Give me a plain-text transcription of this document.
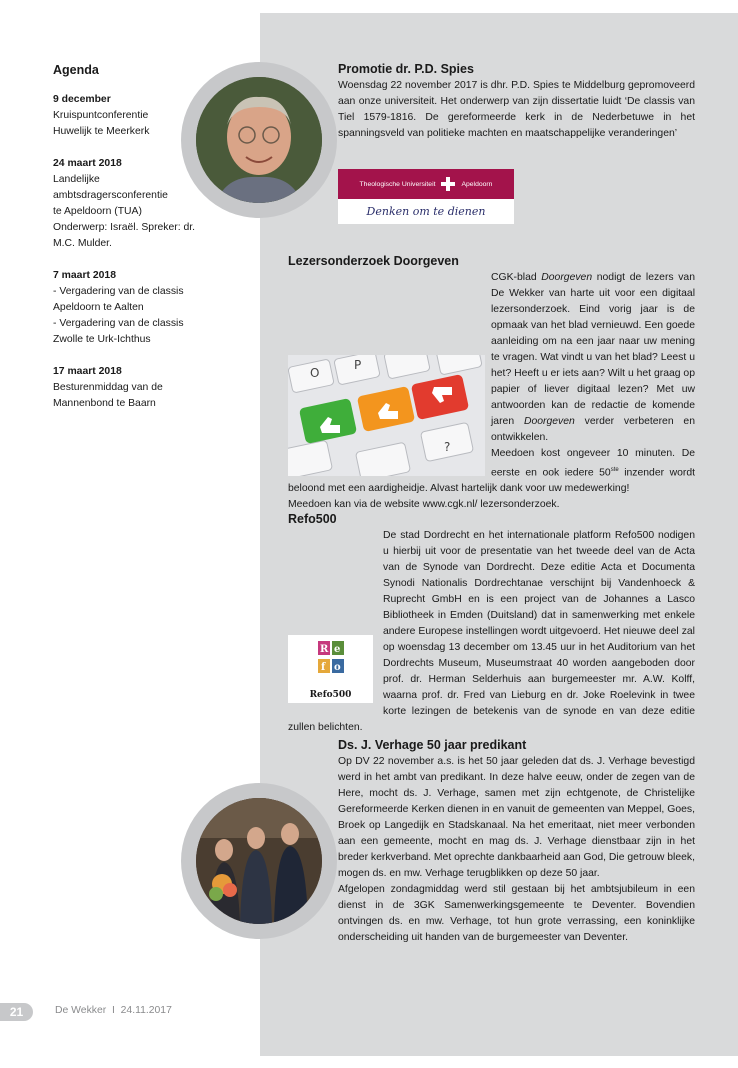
Agenda
9 december
Kruispuntconferentie
Huwelijk te Meerkerk
24 maart 2018
Landelijke
ambtsdragersconferentie
te Apeldoorn (TUA)
Onderwerp: Israël. Spreker: dr.
M.C. Mulder.
7 maart 2018
- Vergadering van de classis
Apeldoorn te Aalten
- Vergadering van de classis
Zwolle te Urk-Ichthus
17 maart 2018
Besturenmiddag van de
Mannenbond te Baarn
Promotie dr. P.D. Spies

Woensdag 22 november 2017 is dhr. P.D. Spies te Middelburg gepromoveerd aan onze universiteit. Het onderwerp van zijn dissertatie luidt ‘De classis van Tiel 1579-1816. De gereformeerde kerk in de Nederbetuwe in het spanningsveld van politieke machten en maatschappelijke veranderingen’

Theologische Universiteit	Apeldoorn
Denken om te dienen
Lezersonderzoek Doorgeven

CGK-blad Doorgeven nodigt de lezers van De Wekker van harte uit voor een digitaal lezersonderzoek. Eind vorig jaar is de opmaak van het blad vernieuwd. Een goede aanleiding om na een jaar naar uw mening te vragen. Wat vindt u van het blad? Leest u het? Heeft u er iets aan? Wilt u het graag op papier of liever digitaal lezen? Met uw antwoorden kan de redactie de komende jaren Doorgeven verder verbeteren en ontwikkelen.
Meedoen kost ongeveer 10 minuten. De eerste en ook iedere 50ste inzender wordt beloond met een aardigheidje. Alvast hartelijk dank voor uw medewerking!
Meedoen kan via de website www.cgk.nl/ lezersonderzoek.

O
P
?
Refo500

De stad Dordrecht en het internationale platform Refo500 nodigen u hierbij uit voor de presentatie van het tweede deel van de Acta van de Synode van Dordrecht. Deze editie Acta et Documenta Synodi Nationalis Dordrechtanae verschijnt bij Vandenhoeck & Ruprecht GmbH en is een project van de Johannes a Lasco Bibliotheek in Emden (Duitsland) dat in samenwerking met enkele andere Europese instellingen wordt uitgevoerd. Het nieuwe deel zal op woensdag 13 december om 13.45 uur in het Auditorium van het Dordrechts Museum, Museumstraat 40 worden aangeboden door prof. dr. Herman Selderhuis aan burgemeester mr. A.W. Kolff, waarna prof. dr. Fred van Lieburg en dr. Joke Roelevink in twee korte lezingen de betekenis van de synode en van deze editie zullen belichten.

R e
f o
Refo500
Ds. J. Verhage 50 jaar predikant

Op DV 22 november a.s. is het 50 jaar geleden dat ds. J. Verhage bevestigd werd in het ambt van predikant. In deze halve eeuw, onder de zegen van de Here, mocht ds. J. Verhage, samen met zijn echtgenote, de Christelijke Gereformeerde Kerken dienen in en vanuit de gemeenten van Meppel, Goes, Broek op Langedijk en Stadskanaal. Na het emeritaat, niet meer verbonden aan een gemeente, mocht en mag ds. J. Verhage dienstbaar zijn in het breder kerkverband. Met oprechte dankbaarheid aan God, Die getrouw bleek, mogen ds. en mw. Verhage terugblikken op deze 50 jaar.

Afgelopen zondagmiddag werd stil gestaan bij het ambtsjubileum in een dienst in de 3GK Samenwerkingsgemeente te Deventer. Bovendien ontvingen ds. en mw. Verhage, tot hun grote verrassing, een koninklijke onderscheiding uit handen van de burgemeester van Deventer.

21	De Wekker  I  24.11.2017
